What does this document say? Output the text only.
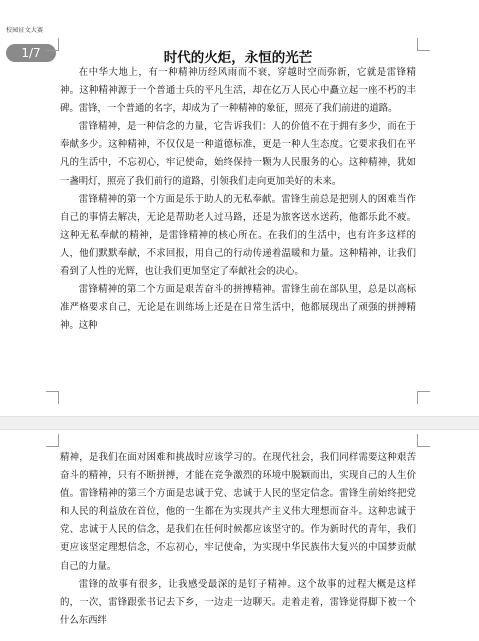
校园征文大赛
1/7	时代的火炬，永恒的光芒

在中华大地上，有一种精神历经风雨而不衰，穿越时空而弥新，它就是雷锋精神。这种精神源于一个普通士兵的平凡生活，却在亿万人民心中矗立起一座不朽的丰碑。雷锋，一个普通的名字，却成为了一种精神的象征，照亮了我们前进的道路。

雷锋精神，是一种信念的力量，它告诉我们：人的价值不在于拥有多少，而在于奉献多少。这种精神，不仅仅是一种道德标准，更是一种人生态度。它要求我们在平凡的生活中，不忘初心，牢记使命，始终保持一颗为人民服务的心。这种精神，犹如一盏明灯，照亮了我们前行的道路，引领我们走向更加美好的未来。

雷锋精神的第一个方面是乐于助人的无私奉献。雷锋生前总是把别人的困难当作自己的事情去解决，无论是帮助老人过马路，还是为旅客送水送药，他都乐此不疲。这种无私奉献的精神，是雷锋精神的核心所在。在我们的生活中，也有许多这样的人，他们默默奉献，不求回报，用自己的行动传递着温暖和力量。这种精神，让我们看到了人性的光辉，也让我们更加坚定了奉献社会的决心。

雷锋精神的第二个方面是艰苦奋斗的拼搏精神。雷锋生前在部队里，总是以高标准严格要求自己，无论是在训练场上还是在日常生活中，他都展现出了顽强的拼搏精神。这种

精神，是我们在面对困难和挑战时应该学习的。在现代社会，我们同样需要这种艰苦奋斗的精神，只有不断拼搏，才能在竞争激烈的环境中脱颖而出，实现自己的人生价值。雷锋精神的第三个方面是忠诚于党、忠诚于人民的坚定信念。雷锋生前始终把党和人民的利益放在首位，他的一生都在为实现共产主义伟大理想而奋斗。这种忠诚于党、忠诚于人民的信念，是我们在任何时候都应该坚守的。作为新时代的青年，我们更应该坚定理想信念，不忘初心，牢记使命，为实现中华民族伟大复兴的中国梦贡献自己的力量。

雷锋的故事有很多，让我感受最深的是钉子精神。这个故事的过程大概是这样的，一次，雷锋跟张书记去下乡，一边走一边聊天。走着走着，雷锋觉得脚下被一个什么东西绊
